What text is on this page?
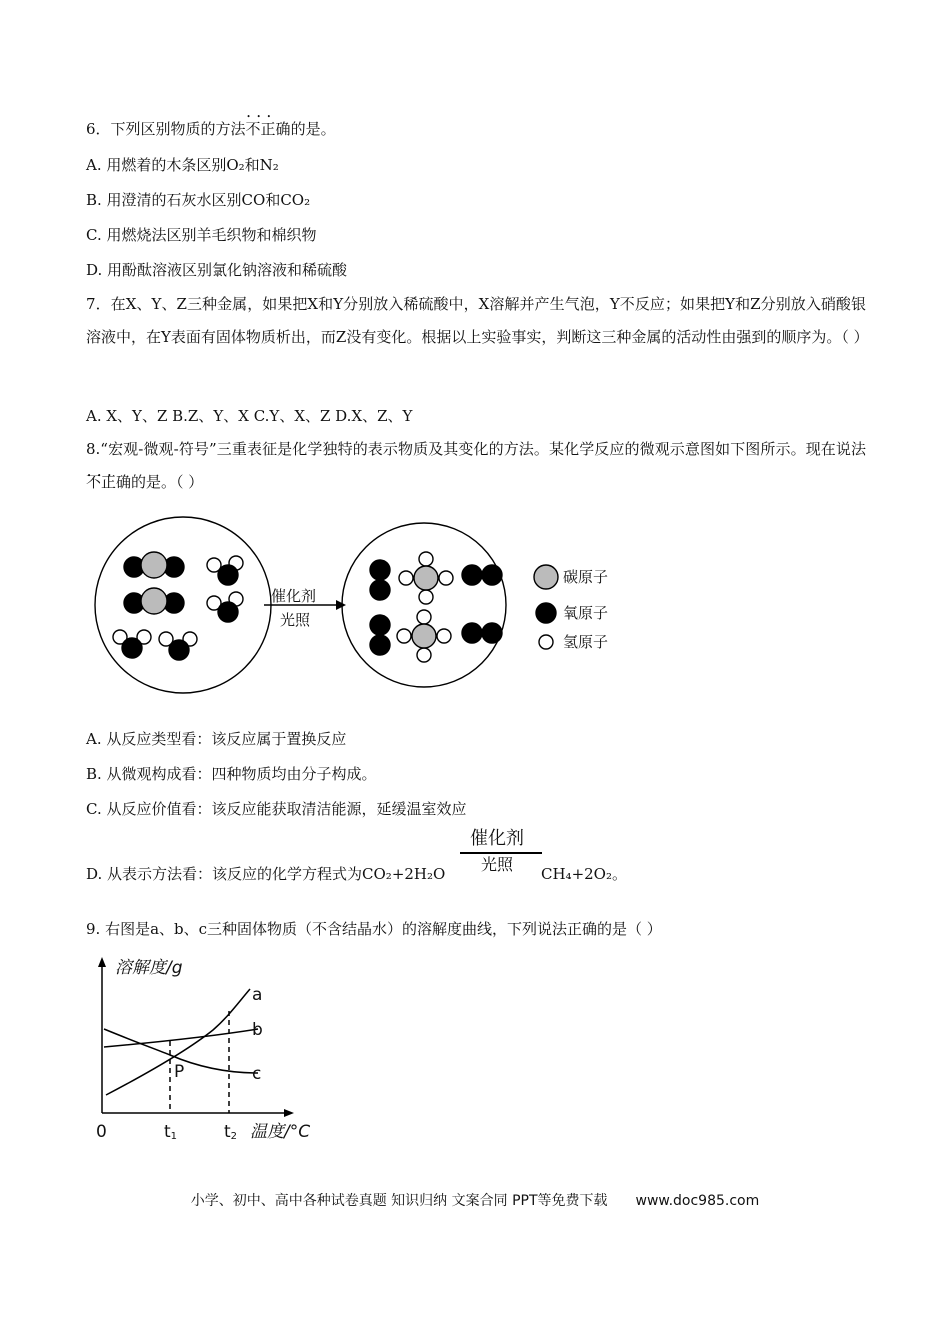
6．下列区别物质的方法••• 不正确的是。
A. 用燃着的木条区别O₂和N₂
B. 用澄清的石灰水区别CO和CO₂
C. 用燃烧法区别羊毛织物和棉织物
D. 用酚酞溶液区别氯化钠溶液和稀硫酸
7．在X、Y、Z三种金属，如果把X和Y分别放入稀硫酸中，X溶解并产生气泡，Y不反应；如果把Y和Z分别放入硝酸银溶液中，在Y表面有固体物质析出，而Z没有变化。根据以上实验事实，判断这三种金属的活动性由强到的顺序为。（ ）
A. X、Y、Z B.Z、Y、X C.Y、X、Z D.X、Z、Y
8.“宏观-微观-符号”三重表征是化学独特的表示物质及其变化的方法。某化学反应的微观示意图如下图所示。现在说法••• 不正确的是。（ ）
催化剂
光照
碳原子
氧原子
氢原子
A. 从反应类型看：该反应属于置换反应
B. 从微观构成看：四种物质均由分子构成。
C. 从反应价值看：该反应能获取清洁能源，延缓温室效应
D. 从表示方法看：该反应的化学方程式为CO₂+2H₂O
催化剂
光照 CH₄+2O₂。
9. 右图是a、b、c三种固体物质（不含结晶水）的溶解度曲线，下列说法正确的是（ ）
溶解度/g
温度/°C
0	$t_1$	$t_2$
P
a
b
c
小学、初中、高中各种试卷真题 知识归纳 文案合同 PPT等免费下载 www.doc985.com
